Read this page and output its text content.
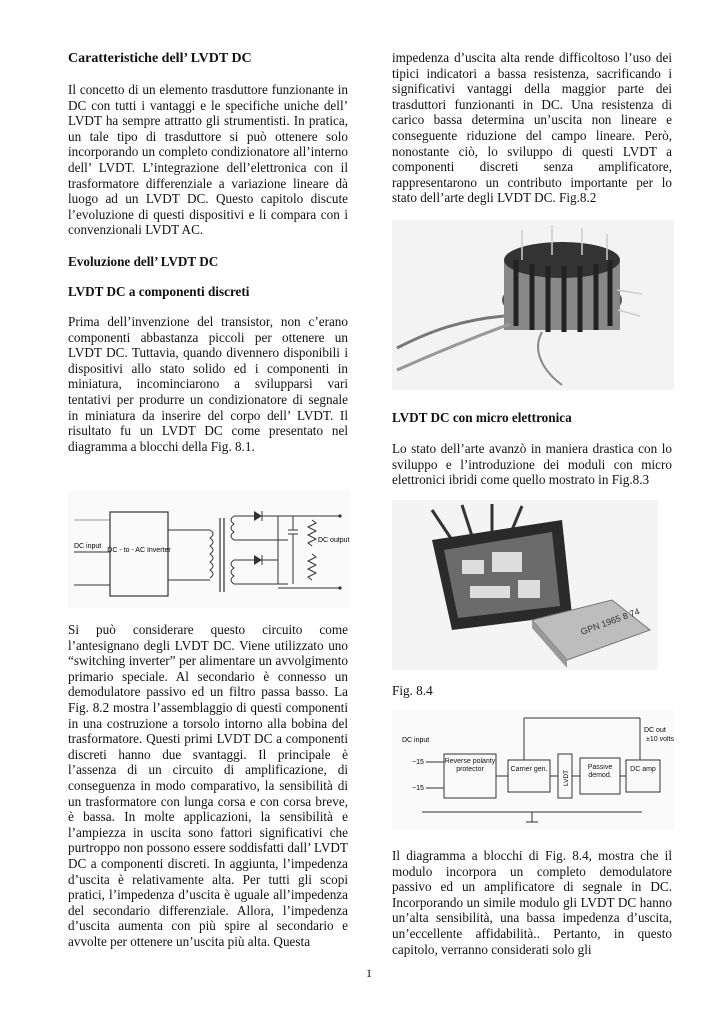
Caratteristiche dell’ LVDT DC

Il concetto di un elemento trasduttore funzionante in DC con tutti i vantaggi e le specifiche uniche dell’ LVDT ha sempre attratto gli strumentisti. In pratica, un tale tipo di trasduttore si può ottenere solo incorporando un completo condizionatore all’interno dell’ LVDT. L’integrazione dell’elettronica con il trasformatore differenziale a variazione lineare dà luogo ad un LVDT DC. Questo capitolo discute l’evoluzione di questi dispositivi e li compara con i convenzionali LVDT AC.

Evoluzione dell’ LVDT DC
LVDT DC a componenti discreti

Prima dell’invenzione del transistor, non c’erano componenti abbastanza piccoli per ottenere un LVDT DC. Tuttavia, quando divennero disponibili i dispositivi allo stato solido ed i componenti in miniatura, incominciarono a svilupparsi vari tentativi per produrre un condizionatore di segnale in miniatura da inserire del corpo dell’ LVDT. Il risultato fu un LVDT DC come presentato nel diagramma a blocchi della Fig. 8.1.

DC input
DC - to - AC Inverter
DC output

Si può considerare questo circuito come l’antesignano degli LVDT DC. Viene utilizzato uno “switching inverter” per alimentare un avvolgimento primario speciale. Al secondario è connesso un demodulatore passivo ed un filtro passa basso. La Fig. 8.2 mostra l’assemblaggio di questi componenti in una costruzione a torsolo intorno alla bobina del trasformatore. Questi primi LVDT DC a componenti discreti hanno due svantaggi. Il principale è l’assenza di un circuito di amplificazione, di conseguenza in modo comparativo, la sensibilità di un trasformatore con lunga corsa e con corsa breve, è bassa. In molte applicazioni, la sensibilità e l’ampiezza in uscita sono fattori significativi che purtroppo non possono essere soddisfatti dall’ LVDT DC a componenti discreti. In aggiunta, l’impedenza d’uscita è relativamente alta. Per tutti gli scopi pratici, l’impedenza d’uscita è uguale all’impedenza del secondario differenziale. Allora, l’impedenza d’uscita aumenta con più spire al secondario e avvolte per ottenere un’uscita più alta. Questa

impedenza d’uscita alta rende difficoltoso l’uso dei tipici indicatori a bassa resistenza, sacrificando i significativi vantaggi della maggior parte dei trasduttori funzionanti in DC. Una resistenza di carico bassa determina un’uscita non lineare e conseguente riduzione del campo lineare. Però, nonostante ciò, lo sviluppo di questi LVDT a componenti discreti senza amplificatore, rappresentarono un contributo importante per lo stato dell’arte degli LVDT DC. Fig.8.2

LVDT DC con micro elettronica

Lo stato dell’arte avanzò in maniera drastica con lo sviluppo e l’introduzione dei moduli con micro elettronici ibridi come quello mostrato in Fig.8.3

GPN 1965 8 74

Fig. 8.4

DC input
−15
−15
Reverse polarity protector	Carrier gen.
LVDT
Passive demod.
DC amp
DC out
±10 volts

Il diagramma a blocchi di Fig. 8.4, mostra che il modulo incorpora un completo demodulatore passivo ed un amplificatore di segnale in DC. Incorporando un simile modulo gli LVDT DC hanno un’alta sensibilità, una bassa impedenza d’uscita, un’eccellente affidabilità.. Pertanto, in questo capitolo, verranno considerati solo gli

1
